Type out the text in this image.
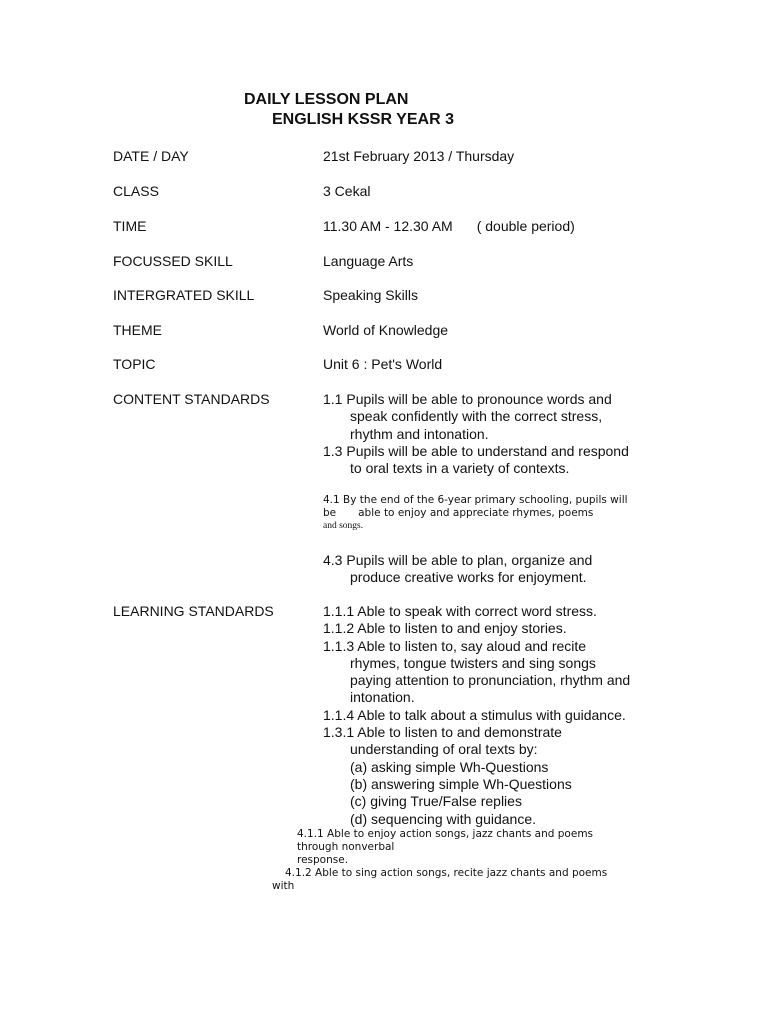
DAILY LESSON PLAN
ENGLISH KSSR YEAR 3
DATE / DAY	21st February 2013 / Thursday
CLASS	3 Cekal
TIME	11.30 AM - 12.30 AM ( double period)
FOCUSSED SKILL	Language Arts
INTERGRATED SKILL	Speaking Skills
THEME	World of Knowledge
TOPIC	Unit 6 : Pet's World
CONTENT STANDARDS	1.1 Pupils will be able to pronounce words and
speak confidently with the correct stress,
rhythm and intonation.
1.3 Pupils will be able to understand and respond
to oral texts in a variety of contexts.
4.1 By the end of the 6-year primary schooling, pupils will
be able to enjoy and appreciate rhymes, poems
and songs.
4.3 Pupils will be able to plan, organize and
produce creative works for enjoyment.
LEARNING STANDARDS	1.1.1 Able to speak with correct word stress.
1.1.2 Able to listen to and enjoy stories.
1.1.3 Able to listen to, say aloud and recite
rhymes, tongue twisters and sing songs
paying attention to pronunciation, rhythm and
intonation.
1.1.4 Able to talk about a stimulus with guidance.
1.3.1 Able to listen to and demonstrate
understanding of oral texts by:
(a) asking simple Wh-Questions
(b) answering simple Wh-Questions
(c) giving True/False replies
(d) sequencing with guidance.
4.1.1 Able to enjoy action songs, jazz chants and poems
through nonverbal
response.
4.1.2 Able to sing action songs, recite jazz chants and poems
with
